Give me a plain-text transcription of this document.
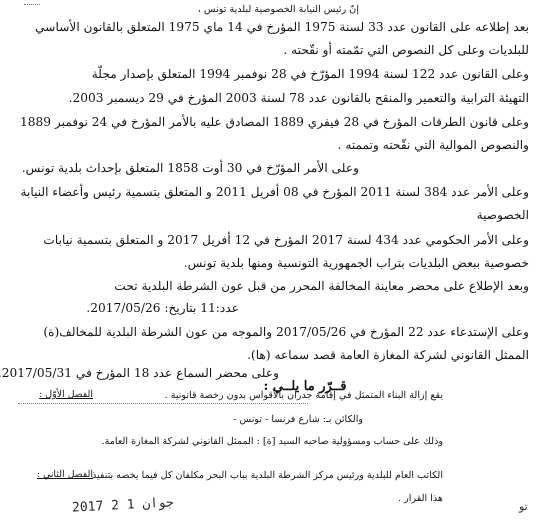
إنّ رئيس النيابة الخصوصية لبلدية تونس ،
بعد إطلاعه على القانون عدد 33 لسنة 1975 المؤرخ في 14 ماي 1975 المتعلق بالقانون الأساسي
للبلديات وعلى كل النصوص التي تمّمته أو نقّحته .
وعلى القانون عدد 122 لسنة 1994 المؤرّخ في 28 نوفمبر 1994 المتعلق بإصدار مجلّة
التهيئة الترابية والتعمير والمنقح بالقانون عدد 78 لسنة 2003 المؤرخ في 29 ديسمبر 2003.
وعلى قانون الطرقات المؤرخ في 28 فيفري 1889 المصادق عليه بالأمر المؤرخ في 24 نوفمبر 1889
والنصوص الموالية التي نقّحته وتممته .
وعلى الأمر المؤرّخ في 30 أوت 1858 المتعلق بإحداث بلدية تونس.
وعلى الأمر عدد 384 لسنة 2011 المؤرخ في 08 أفريل 2011 و المتعلق بتسمية رئيس وأعضاء النيابة
الخصوصية
وعلى الأمر الحكومي عدد 434 لسنة 2017 المؤرخ في 12 أفريل 2017 و المتعلق بتسمية نيابات
خصوصية ببعض البلديات بتراب الجمهورية التونسية ومنها بلدية تونس.
وبعد الإطلاع على محضر معاينة المخالفة المحرر من قبل عون الشرطة البلدية تحت
عدد:11 بتاريخ: 2017/05/26.
وعلى الإستدعاء عدد 22 المؤرخ في 2017/05/26 والموجه من عون الشرطة البلدية للمخالف(ة)
الممثل القانوني لشركة المغازة العامة قصد سماعه (ها).
وعلى محضر السماع عدد 18 المؤرخ في 2017/05/31
قــرّر ما يلــي :
الفصل الأوّل :	يقع إزالة البناء المتمثل في إقامة جدران بالأقواس بدون رخصة قانونية .
والكائن بـ: شارع فرنسا - تونس -
وذلك على حساب ومسؤولية صاحبه السيد [ة] : الممثل القانوني لشركة المغازة العامة.
الفصل الثاني :
الكاتب العام للبلدية ورئيس مركز الشرطة البلدية بباب البحر مكلفان كل فيما يخصه بتنفيذ
هذا القرار .
2017 جوان 1 2	تو
